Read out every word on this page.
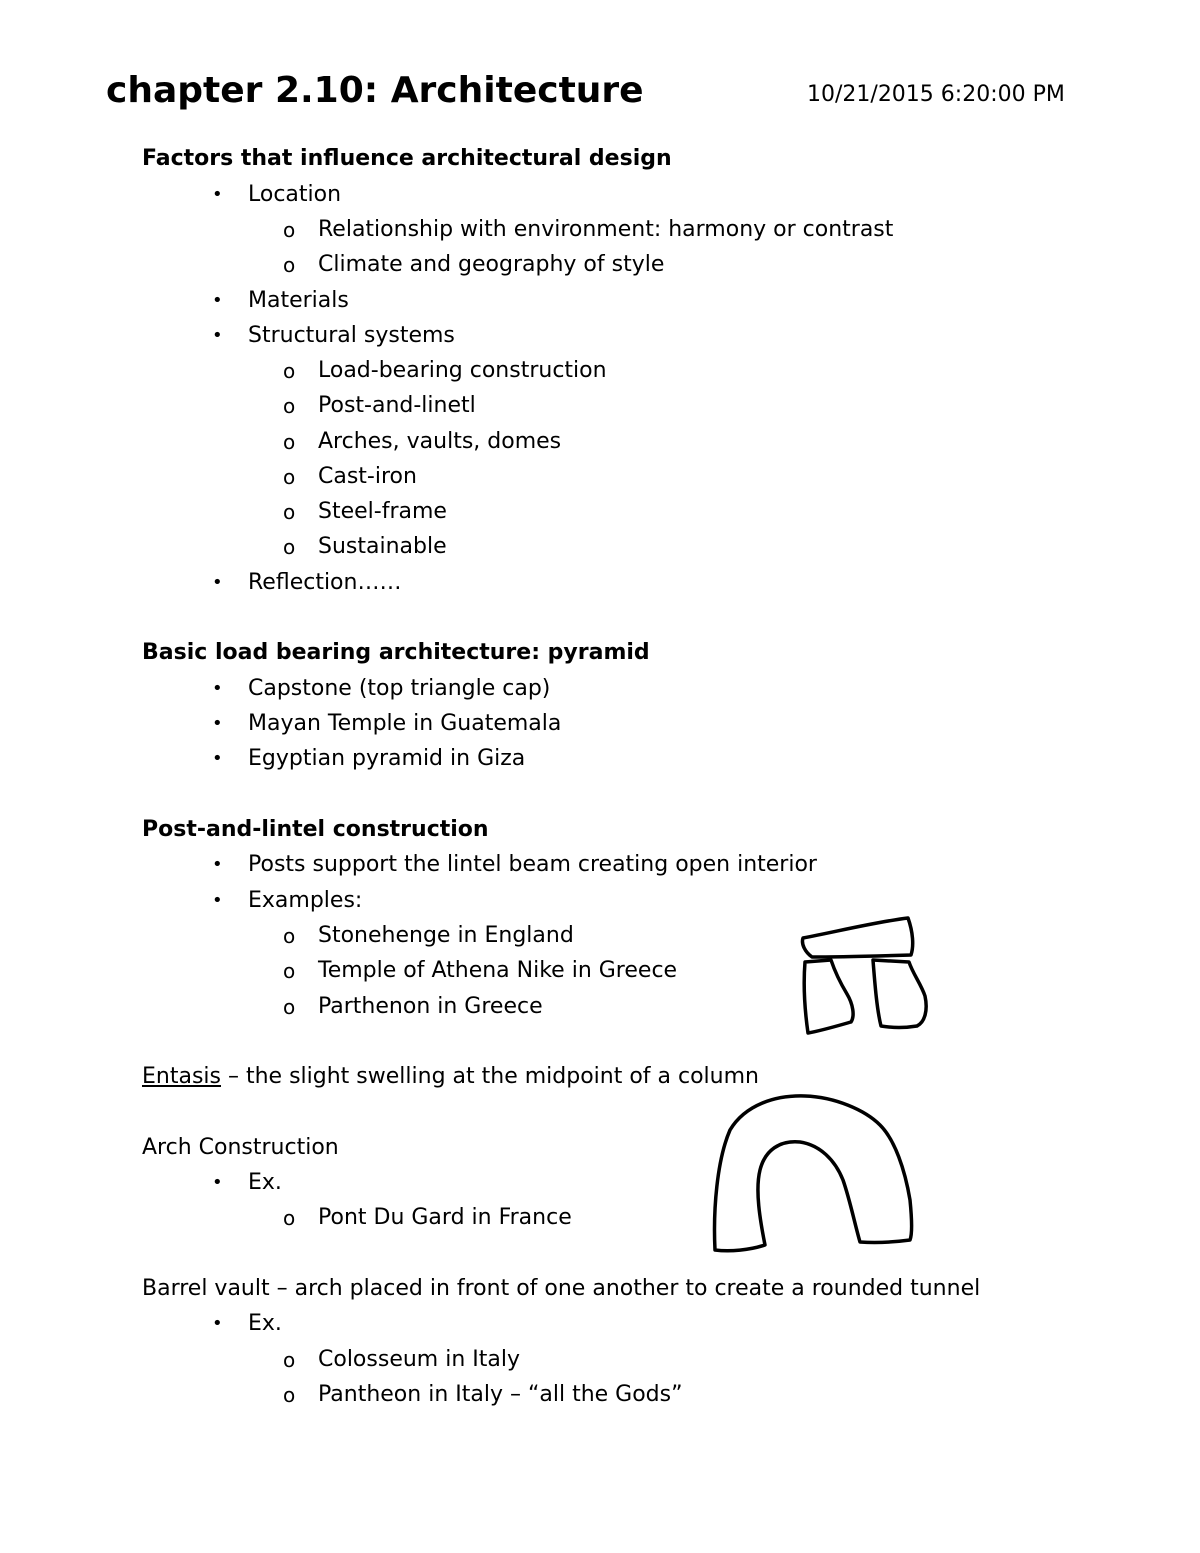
chapter 2.10: Architecture	10/21/2015 6:20:00 PM
Factors that influence architectural design
• Location
o Relationship with environment: harmony or contrast
o Climate and geography of style
• Materials
• Structural systems
o Load-bearing construction
o Post-and-linetl
o Arches, vaults, domes
o Cast-iron
o Steel-frame
o Sustainable
• Reflection……
Basic load bearing architecture: pyramid
• Capstone (top triangle cap)
• Mayan Temple in Guatemala
• Egyptian pyramid in Giza
Post-and-lintel construction
• Posts support the lintel beam creating open interior
• Examples:
o Stonehenge in England
o Temple of Athena Nike in Greece
o Parthenon in Greece
Entasis – the slight swelling at the midpoint of a column
Arch Construction
• Ex.
o Pont Du Gard in France
Barrel vault – arch placed in front of one another to create a rounded tunnel
• Ex.
o Colosseum in Italy
o Pantheon in Italy – “all the Gods”
